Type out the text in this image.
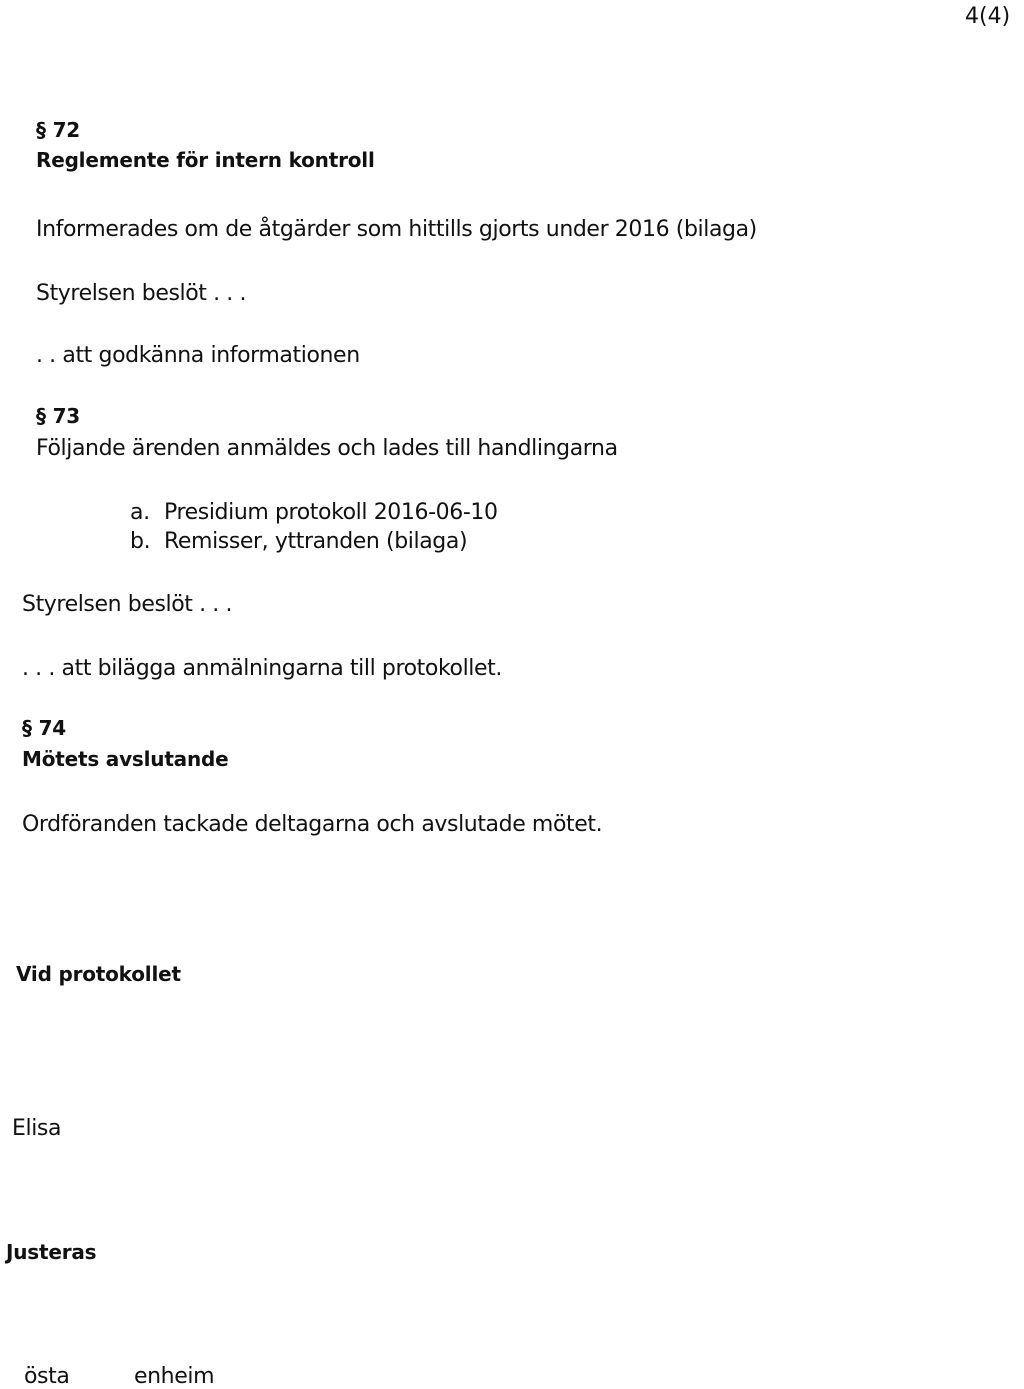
4(4)
§ 72
Reglemente för intern kontroll
Informerades om de åtgärder som hittills gjorts under 2016 (bilaga)
Styrelsen beslöt . . .
. . att godkänna informationen
§ 73
Följande ärenden anmäldes och lades till handlingarna
a. Presidium protokoll 2016-06-10
b. Remisser, yttranden (bilaga)
Styrelsen beslöt . . .
. . . att bilägga anmälningarna till protokollet.
§ 74
Mötets avslutande
Ordföranden tackade deltagarna och avslutade mötet.
Vid protokollet
Elisa
Justeras
östa	enheim
